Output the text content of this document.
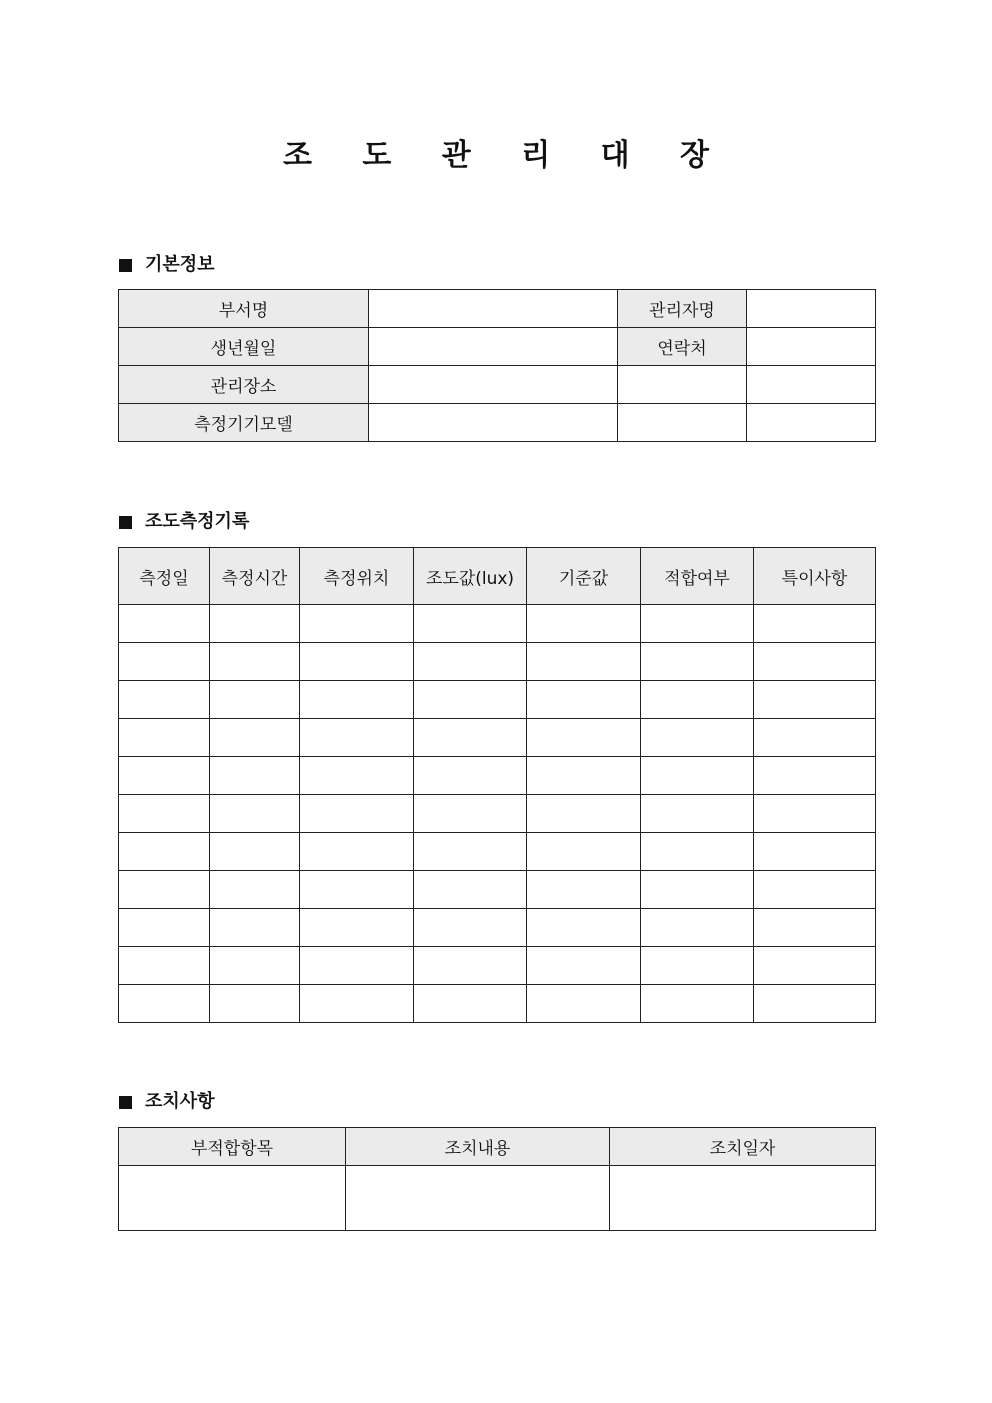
조 도 관 리 대 장
기본정보
부서명		관리자명	
생년월일		연락처	
관리장소			
측정기기모델			
조도측정기록
측정일	측정시간	측정위치	조도값(lux)	기준값	적합여부	특이사항

조치사항
부적합항목	조치내용	조치일자
